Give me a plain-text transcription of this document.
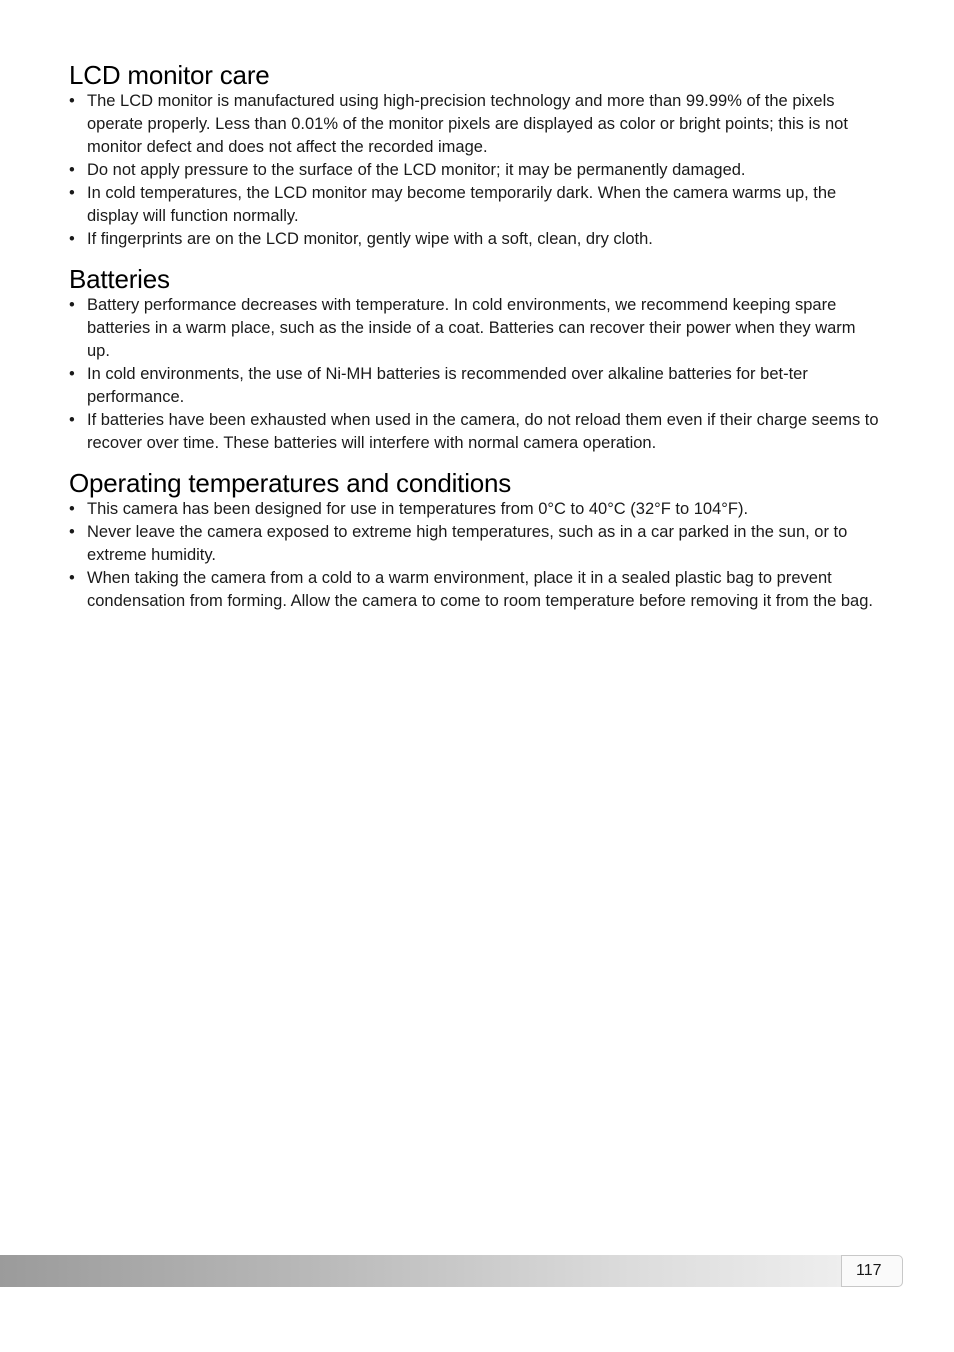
LCD monitor care
• The LCD monitor is manufactured using high-precision technology and more than 99.99% of the pixels operate properly. Less than 0.01% of the monitor pixels are displayed as color or bright points; this is not monitor defect and does not affect the recorded image.
• Do not apply pressure to the surface of the LCD monitor; it may be permanently damaged.
• In cold temperatures, the LCD monitor may become temporarily dark. When the camera warms up, the display will function normally.
• If fingerprints are on the LCD monitor, gently wipe with a soft, clean, dry cloth.
Batteries
• Battery performance decreases with temperature. In cold environments, we recommend keeping spare batteries in a warm place, such as the inside of a coat. Batteries can recover their power when they warm up.
• In cold environments, the use of Ni-MH batteries is recommended over alkaline batteries for bet-ter performance.
• If batteries have been exhausted when used in the camera, do not reload them even if their charge seems to recover over time. These batteries will interfere with normal camera operation.
Operating temperatures and conditions
• This camera has been designed for use in temperatures from 0°C to 40°C (32°F to 104°F).
• Never leave the camera exposed to extreme high temperatures, such as in a car parked in the sun, or to extreme humidity.
• When taking the camera from a cold to a warm environment, place it in a sealed plastic bag to prevent condensation from forming. Allow the camera to come to room temperature before removing it from the bag.
117
